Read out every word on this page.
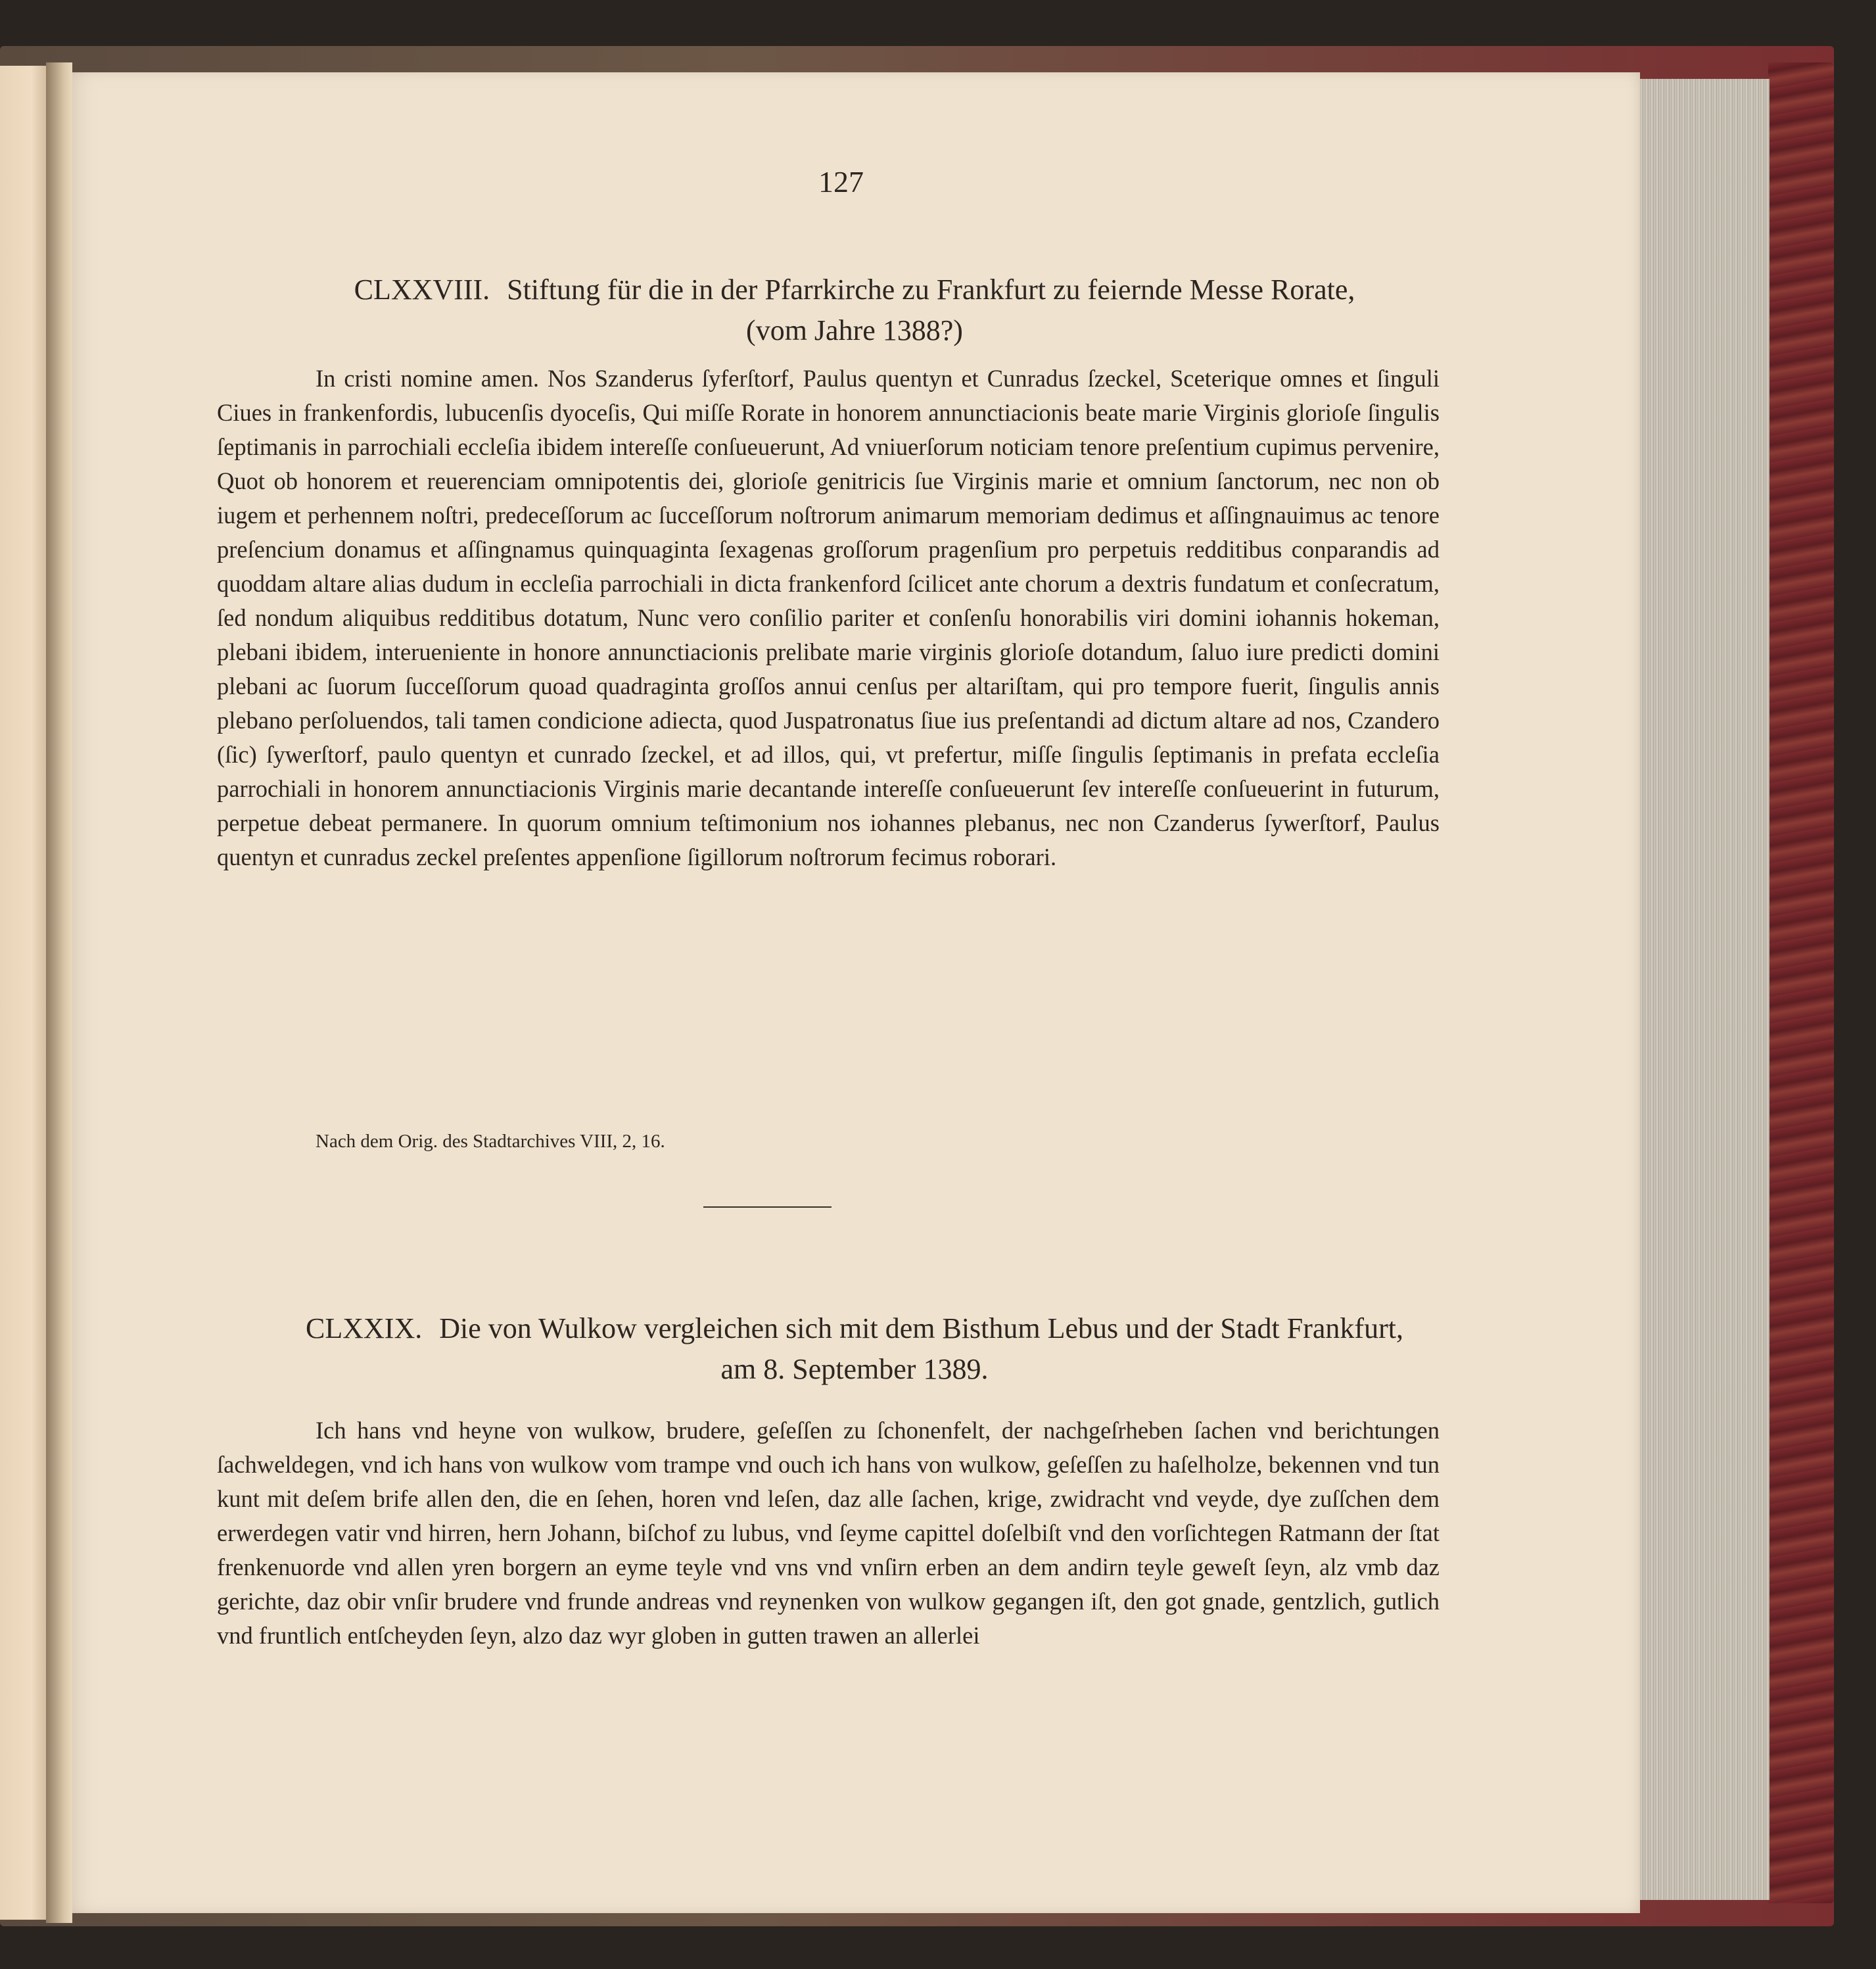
127
CLXXVIII. Stiftung für die in der Pfarrkirche zu Frankfurt zu feiernde Messe Rorate,
(vom Jahre 1388?)

In cristi nomine amen. Nos Szanderus ſyferſtorf, Paulus quentyn et Cunradus ſzeckel, Sceterique omnes et ſinguli Ciues in frankenfordis, lubucenſis dyoceſis, Qui miſſe Rorate in honorem annunctiacionis beate marie Virginis glorioſe ſingulis ſeptimanis in parrochiali eccleſia ibidem intereſſe conſueuerunt, Ad vniuerſorum noticiam tenore preſentium cupimus pervenire, Quot ob honorem et reuerenciam omnipotentis dei, glorioſe genitricis ſue Virginis marie et omnium ſanctorum, nec non ob iugem et perhennem noſtri, predeceſſorum ac ſucceſſorum noſtrorum animarum memoriam dedimus et aſſingnauimus ac tenore preſencium donamus et aſſingnamus quinquaginta ſexagenas groſſorum pragenſium pro perpetuis redditibus conparandis ad quoddam altare alias dudum in eccleſia parrochiali in dicta frankenford ſcilicet ante chorum a dextris fundatum et conſecratum, ſed nondum aliquibus redditibus dotatum, Nunc vero conſilio pariter et conſenſu honorabilis viri domini iohannis hokeman, plebani ibidem, interueniente in honore annunctiacionis prelibate marie virginis glorioſe dotandum, ſaluo iure predicti domini plebani ac ſuorum ſucceſſorum quoad quadraginta groſſos annui cenſus per altariſtam, qui pro tempore fuerit, ſingulis annis plebano perſoluendos, tali tamen condicione adiecta, quod Juspatronatus ſiue ius preſentandi ad dictum altare ad nos, Czandero (ſic) ſywerſtorf, paulo quentyn et cunrado ſzeckel, et ad illos, qui, vt prefertur, miſſe ſingulis ſeptimanis in prefata eccleſia parrochiali in honorem annunctiacionis Virginis marie decantande intereſſe conſueuerunt ſev intereſſe conſueuerint in futurum, perpetue debeat permanere. In quorum omnium teſtimonium nos iohannes plebanus, nec non Czanderus ſywerſtorf, Paulus quentyn et cunradus zeckel preſentes appenſione ſigillorum noſtrorum fecimus roborari.

Nach dem Orig. des Stadtarchives VIII, 2, 16.
CLXXIX. Die von Wulkow vergleichen sich mit dem Bisthum Lebus und der Stadt Frankfurt,
am 8. September 1389.

Ich hans vnd heyne von wulkow, brudere, geſeſſen zu ſchonenfelt, der nachgeſrheben ſachen vnd berichtungen ſachweldegen, vnd ich hans von wulkow vom trampe vnd ouch ich hans von wulkow, geſeſſen zu haſelholze, bekennen vnd tun kunt mit deſem brife allen den, die en ſehen, horen vnd leſen, daz alle ſachen, krige, zwidracht vnd veyde, dye zuſſchen dem erwerdegen vatir vnd hirren, hern Johann, biſchof zu lubus, vnd ſeyme capittel doſelbiſt vnd den vorſichtegen Ratmann der ſtat frenkenuorde vnd allen yren borgern an eyme teyle vnd vns vnd vnſirn erben an dem andirn teyle geweſt ſeyn, alz vmb daz gerichte, daz obir vnſir brudere vnd frunde andreas vnd reynenken von wulkow gegangen iſt, den got gnade, gentzlich, gutlich vnd fruntlich entſcheyden ſeyn, alzo daz wyr globen in gutten trawen an allerlei
